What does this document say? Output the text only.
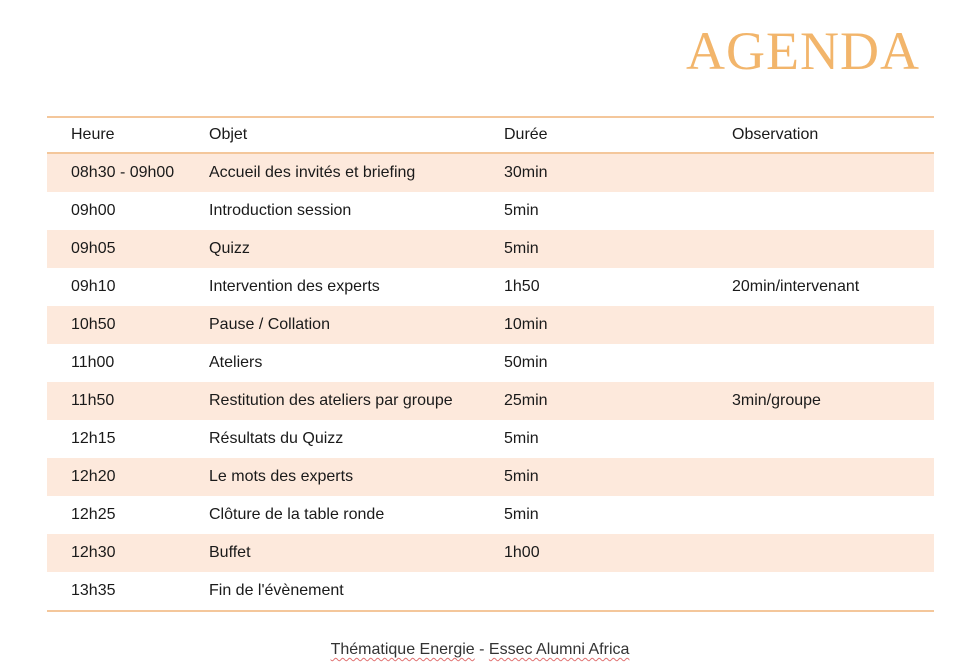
AGENDA
Heure	Objet	Durée	Observation
08h30 - 09h00	Accueil des invités et briefing	30min
09h00	Introduction session	5min
09h05	Quizz	5min
09h10	Intervention des experts	1h50	20min/intervenant
10h50	Pause / Collation	10min
11h00	Ateliers	50min
11h50	Restitution des ateliers par groupe	25min	3min/groupe
12h15	Résultats du Quizz	5min
12h20	Le mots des experts	5min
12h25	Clôture de la table ronde	5min
12h30	Buffet	1h00
13h35	Fin de l'évènement
Thématique Energie - Essec Alumni Africa
